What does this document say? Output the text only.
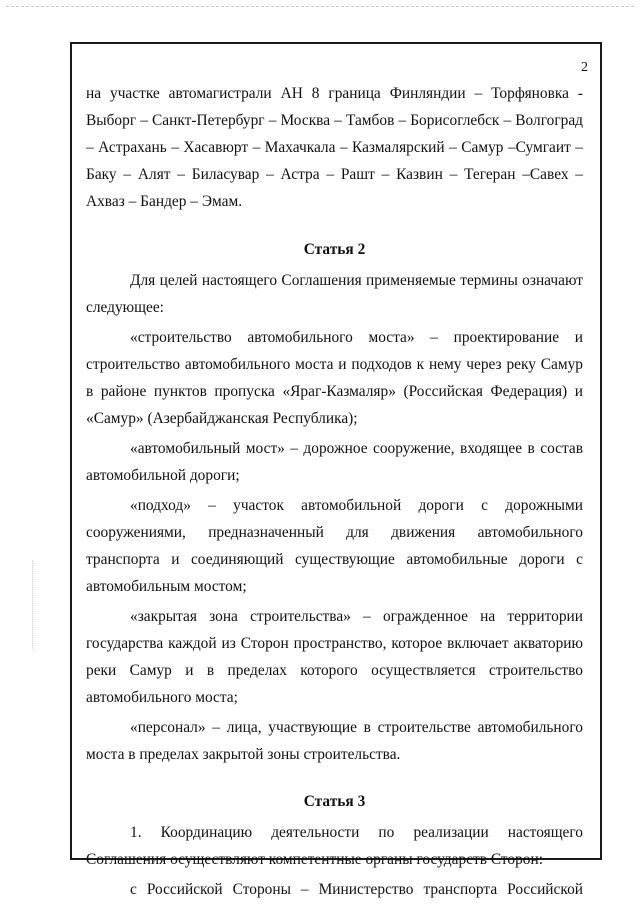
2

на участке автомагистрали АН 8 граница Финляндии – Торфяновка - Выборг – Санкт-Петербург – Москва – Тамбов – Борисоглебск – Волгоград – Астрахань – Хасавюрт – Махачкала – Казмаляpский – Самур –Сумгаит – Баку – Алят – Биласувар – Астра – Рашт – Казвин – Тегеран –Савех – Ахваз – Бандер – Эмам.

Статья 2

Для целей настоящего Соглашения применяемые термины означают следующее:

«строительство автомобильного моста» – проектирование и строительство автомобильного моста и подходов к нему через реку Самур в районе пунктов пропуска «Яраг-Казмаляр» (Российская Федерация) и «Самур» (Азербайджанская Республика);

«автомобильный мост» – дорожное сооружение, входящее в состав автомобильной дороги;

«подход» – участок автомобильной дороги с дорожными сооружениями, предназначенный для движения автомобильного транспорта и соединяющий существующие автомобильные дороги с автомобильным мостом;

«закрытая зона строительства» – огражденное на территории государства каждой из Сторон пространство, которое включает акваторию реки Самур и в пределах которого осуществляется строительство автомобильного моста;

«персонал» – лица, участвующие в строительстве автомобильного моста в пределах закрытой зоны строительства.

Статья 3

1. Координацию деятельности по реализации настоящего Соглашения осуществляют компетентные органы государств Сторон:

с Российской Стороны – Министерство транспорта Российской
